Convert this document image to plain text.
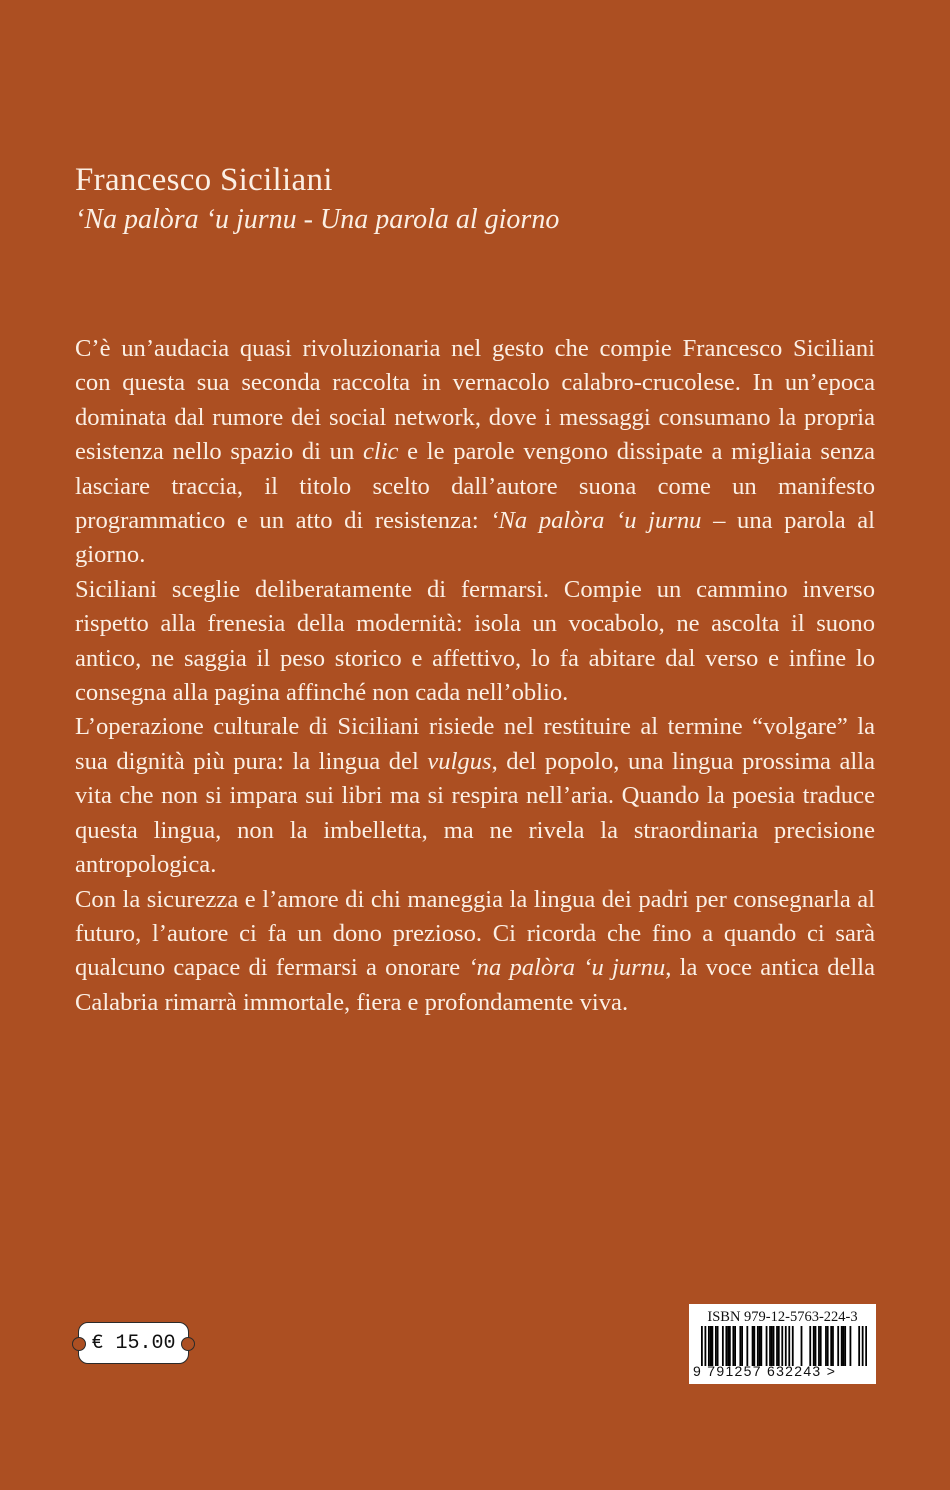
Francesco Siciliani
ʻNa palòra ʻu jurnu - Una parola al giorno

C’è un’audacia quasi rivoluzionaria nel gesto che compie Francesco Siciliani con questa sua seconda raccolta in vernacolo calabro-crucolese. In un’epoca dominata dal rumore dei social network, dove i messaggi consumano la propria esistenza nello spazio di un clic e le parole vengono dissipate a migliaia senza lasciare traccia, il titolo scelto dall’autore suona come un manifesto programmatico e un atto di resistenza: ʻNa palòra ʻu jurnu – una parola al giorno.

Siciliani sceglie deliberatamente di fermarsi. Compie un cammino inverso rispetto alla frenesia della modernità: isola un vocabolo, ne ascolta il suono antico, ne saggia il peso storico e affettivo, lo fa abitare dal verso e infine lo consegna alla pagina affinché non cada nell’oblio.

L’operazione culturale di Siciliani risiede nel restituire al termine “volgare” la sua dignità più pura: la lingua del vulgus, del popolo, una lingua prossima alla vita che non si impara sui libri ma si respira nell’aria. Quando la poesia traduce questa lingua, non la imbelletta, ma ne rivela la straordinaria precisione antropologica.

Con la sicurezza e l’amore di chi maneggia la lingua dei padri per consegnarla al futuro, l’autore ci fa un dono prezioso. Ci ricorda che fino a quando ci sarà qualcuno capace di fermarsi a onorare ʻna palòra ʻu jurnu, la voce antica della Calabria rimarrà immortale, fiera e profondamente viva.

€ 15.00
ISBN 979-12-5763-224-3
9 791257 632243 >
